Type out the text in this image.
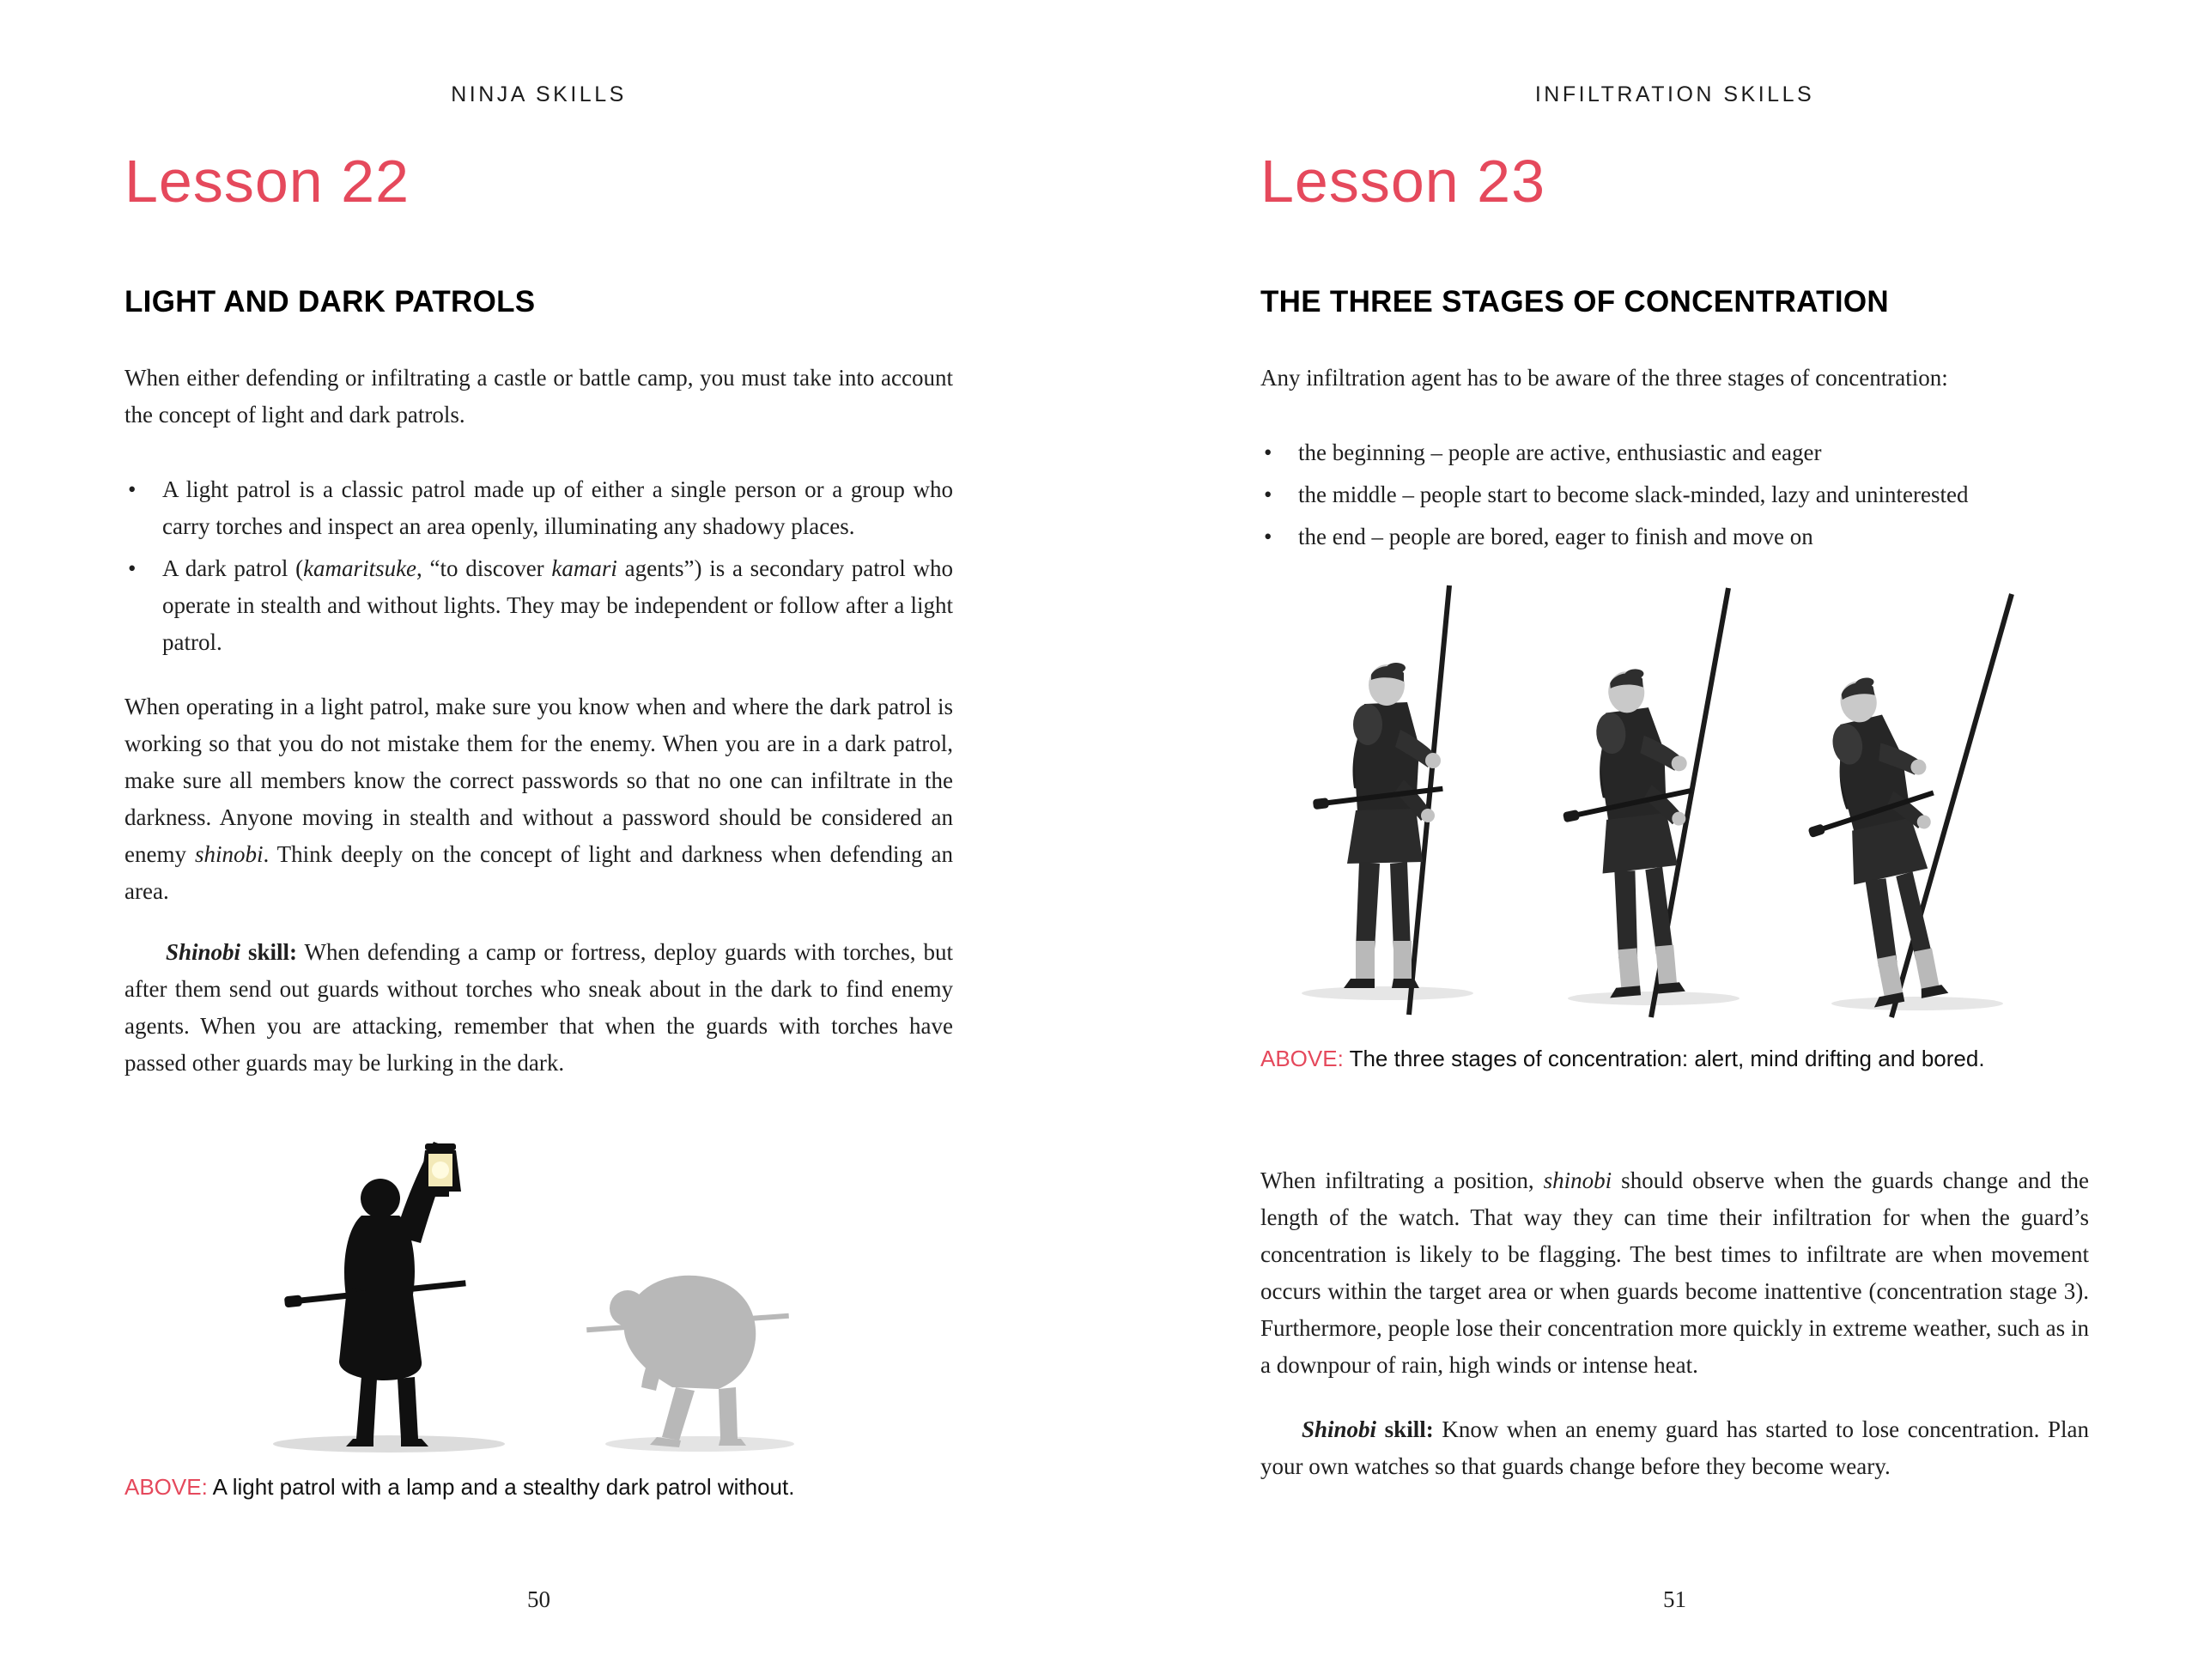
NINJA SKILLS
Lesson 22
LIGHT AND DARK PATROLS

When either defending or infiltrating a castle or battle camp, you must take into account the concept of light and dark patrols.

• A light patrol is a classic patrol made up of either a single person or a group who carry torches and inspect an area openly, illuminating any shadowy places.
• A dark patrol (kamaritsuke, “to discover kamari agents”) is a secondary patrol who operate in stealth and without lights. They may be independent or follow after a light patrol.

When operating in a light patrol, make sure you know when and where the dark patrol is working so that you do not mistake them for the enemy. When you are in a dark patrol, make sure all members know the correct passwords so that no one can infiltrate in the darkness. Anyone moving in stealth and without a password should be considered an enemy shinobi. Think deeply on the concept of light and darkness when defending an area.

Shinobi skill: When defending a camp or fortress, deploy guards with torches, but after them send out guards without torches who sneak about in the dark to find enemy agents. When you are attacking, remember that when the guards with torches have passed other guards may be lurking in the dark.

ABOVE: A light patrol with a lamp and a stealthy dark patrol without.

50
INFILTRATION SKILLS
Lesson 23
THE THREE STAGES OF CONCENTRATION

Any infiltration agent has to be aware of the three stages of concentration:

• the beginning – people are active, enthusiastic and eager
• the middle – people start to become slack-minded, lazy and uninterested
• the end – people are bored, eager to finish and move on

ABOVE: The three stages of concentration: alert, mind drifting and bored.

When infiltrating a position, shinobi should observe when the guards change and the length of the watch. That way they can time their infiltration for when the guard’s concentration is likely to be flagging. The best times to infiltrate are when movement occurs within the target area or when guards become inattentive (concentration stage 3). Furthermore, people lose their concentration more quickly in extreme weather, such as in a downpour of rain, high winds or intense heat.

Shinobi skill: Know when an enemy guard has started to lose concentration. Plan your own watches so that guards change before they become weary.

51
